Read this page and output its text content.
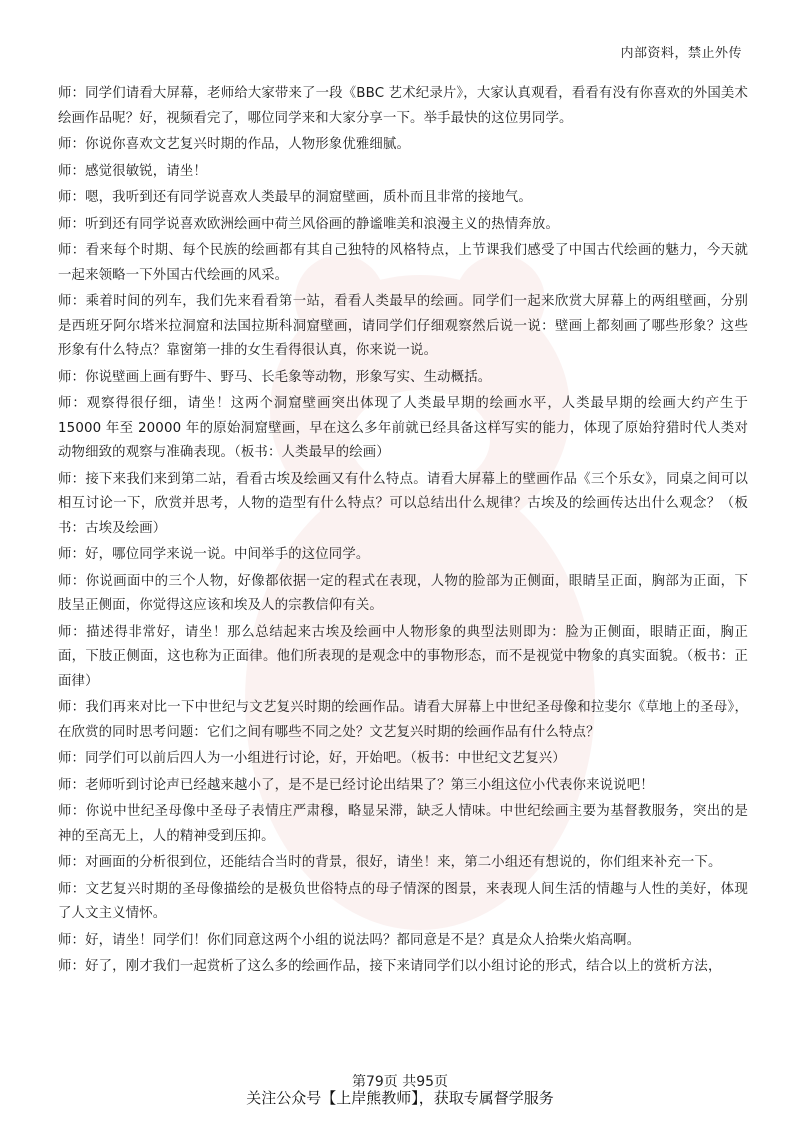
内部资料，禁止外传

师：同学们请看大屏幕，老师给大家带来了一段《BBC 艺术纪录片》，大家认真观看，看看有没有你喜欢的外国美术绘画作品呢？好，视频看完了，哪位同学来和大家分享一下。举手最快的这位男同学。

师：你说你喜欢文艺复兴时期的作品，人物形象优雅细腻。

师：感觉很敏锐，请坐！

师：嗯，我听到还有同学说喜欢人类最早的洞窟壁画，质朴而且非常的接地气。

师：听到还有同学说喜欢欧洲绘画中荷兰风俗画的静谧唯美和浪漫主义的热情奔放。

师：看来每个时期、每个民族的绘画都有其自己独特的风格特点，上节课我们感受了中国古代绘画的魅力，今天就一起来领略一下外国古代绘画的风采。

师：乘着时间的列车，我们先来看看第一站，看看人类最早的绘画。同学们一起来欣赏大屏幕上的两组壁画，分别是西班牙阿尔塔米拉洞窟和法国拉斯科洞窟壁画，请同学们仔细观察然后说一说：壁画上都刻画了哪些形象？这些形象有什么特点？靠窗第一排的女生看得很认真，你来说一说。

师：你说壁画上画有野牛、野马、长毛象等动物，形象写实、生动概括。

师：观察得很仔细，请坐！这两个洞窟壁画突出体现了人类最早期的绘画水平，人类最早期的绘画大约产生于15000 年至 20000 年的原始洞窟壁画，早在这么多年前就已经具备这样写实的能力，体现了原始狩猎时代人类对动物细致的观察与准确表现。（板书：人类最早的绘画）

师：接下来我们来到第二站，看看古埃及绘画又有什么特点。请看大屏幕上的壁画作品《三个乐女》，同桌之间可以相互讨论一下，欣赏并思考，人物的造型有什么特点？可以总结出什么规律？古埃及的绘画传达出什么观念？（板书：古埃及绘画）

师：好，哪位同学来说一说。中间举手的这位同学。

师：你说画面中的三个人物，好像都依据一定的程式在表现，人物的脸部为正侧面，眼睛呈正面，胸部为正面，下肢呈正侧面，你觉得这应该和埃及人的宗教信仰有关。

师：描述得非常好，请坐！那么总结起来古埃及绘画中人物形象的典型法则即为：脸为正侧面，眼睛正面，胸正面，下肢正侧面，这也称为正面律。他们所表现的是观念中的事物形态，而不是视觉中物象的真实面貌。（板书：正面律）

师：我们再来对比一下中世纪与文艺复兴时期的绘画作品。请看大屏幕上中世纪圣母像和拉斐尔《草地上的圣母》，在欣赏的同时思考问题：它们之间有哪些不同之处？文艺复兴时期的绘画作品有什么特点？

师：同学们可以前后四人为一小组进行讨论，好，开始吧。（板书：中世纪文艺复兴）

师：老师听到讨论声已经越来越小了，是不是已经讨论出结果了？第三小组这位小代表你来说说吧！

师：你说中世纪圣母像中圣母子表情庄严肃穆，略显呆滞，缺乏人情味。中世纪绘画主要为基督教服务，突出的是神的至高无上，人的精神受到压抑。

师：对画面的分析很到位，还能结合当时的背景，很好，请坐！来，第二小组还有想说的，你们组来补充一下。

师：文艺复兴时期的圣母像描绘的是极负世俗特点的母子情深的图景，来表现人间生活的情趣与人性的美好，体现了人文主义情怀。

师：好，请坐！同学们！你们同意这两个小组的说法吗？都同意是不是？真是众人拾柴火焰高啊。

师：好了，刚才我们一起赏析了这么多的绘画作品，接下来请同学们以小组讨论的形式，结合以上的赏析方法，

第79页 共95页
关注公众号【上岸熊教师】，获取专属督学服务
